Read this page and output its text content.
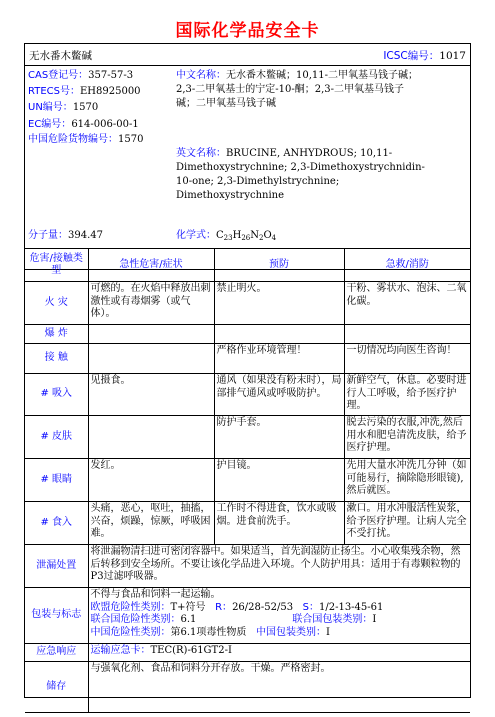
国际化学品安全卡
无水番木鳖碱	ICSC编号：1017
CAS登记号：357-57-3
RTECS号：EH8925000
UN编号：1570
EC编号：614-006-00-1
中国危险货物编号：1570
分子量：394.47
中文名称：无水番木鳖碱；10,11-二甲氧基马钱子碱；
2,3-二甲氧基士的宁定-10-酮；2,3-二甲氧基马钱子
碱；二甲氧基马钱子碱
英文名称：BRUCINE, ANHYDROUS; 10,11-
Dimethoxystrychnine; 2,3-Dimethoxystrychnidin-
10-one; 2,3-Dimethylstrychnine;
Dimethoxystrychnine
化学式：$C_{23}H_{26}N_2O_4$
危害/接触类型	急性危害/症状	预防	急救/消防
火 灾	可燃的。在火焰中释放出刺激性或有毒烟雾（或气体）。	禁止明火。	干粉、雾状水、泡沫、二氧化碳。
爆 炸			
接 触		严格作业环境管理！	一切情况均向医生咨询！
# 吸入	见摄食。	通风（如果没有粉末时），局部排气通风或呼吸防护。	新鲜空气，休息。必要时进行人工呼吸，给予医疗护理。
# 皮肤		防护手套。	脱去污染的衣服,冲洗,然后用水和肥皂清洗皮肤，给予医疗护理。
# 眼睛	发红。	护目镜。	先用大量水冲洗几分钟（如可能易行，摘除隐形眼镜),然后就医。
# 食入	头痛，恶心，呕吐，抽搐，兴奋，烦躁，惊厥，呼吸困难。	工作时不得进食，饮水或吸烟。进食前洗手。	漱口。用水冲服活性炭浆，给予医疗护理。让病人完全不受打扰。
泄漏处置	将泄漏物清扫进可密闭容器中。如果适当，首先润湿防止扬尘。小心收集残余物，然后转移到安全场所。不要让该化学品进入环境。个人防护用具：适用于有毒颗粒物的P3过滤呼吸器。		
包装与标志	不得与食品和饲料一起运输。
欧盟危险性类别：T+符号 R：26/28-52/53 S：1/2-13-45-61
联合国危险性类别：6.1 联合国包装类别：I
中国危险性类别：第6.1项毒性物质 中国包装类别：I		

应急响应	运输应急卡：TEC(R)-61GT2-I		
储存	与强氧化剂、食品和饲料分开存放。干燥。严格密封。		
